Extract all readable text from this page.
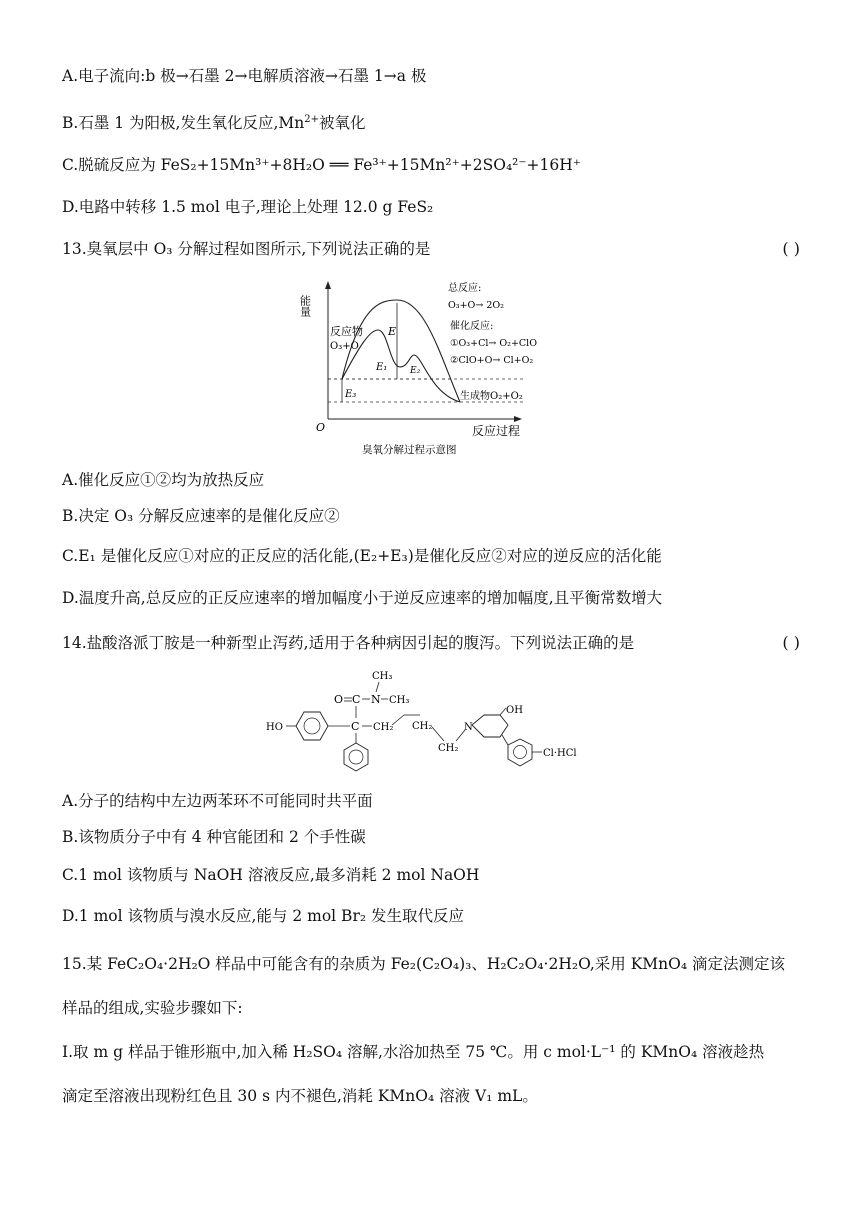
A.电子流向:b 极→石墨 2→电解质溶液→石墨 1→a 极
B.石墨 1 为阳极,发生氧化反应$,Mn^{2+}$被氧化
C.脱硫反应为 FeS₂+15Mn³⁺+8H₂O ══ Fe³⁺+15Mn²⁺+2SO₄²⁻+16H⁺
D.电路中转移 1.5 mol 电子,理论上处理 12.0 g FeS₂
13.臭氧层中 O₃ 分解过程如图所示,下列说法正确的是	( )
能量
反应过程
O
E
E₁	E₂
E₃
反应物
O₃+O
生成物O₂+O₂
总反应:
O₃+O→ 2O₂
催化反应:
①O₃+Cl→ O₂+ClO
②ClO+O→ Cl+O₂
臭氧分解过程示意图
A.催化反应①②均为放热反应
B.决定 O₃ 分解反应速率的是催化反应②
C.E₁ 是催化反应①对应的正反应的活化能,(E₂+E₃)是催化反应②对应的逆反应的活化能
D.温度升高,总反应的正反应速率的增加幅度小于逆反应速率的增加幅度,且平衡常数增大
14.盐酸洛派丁胺是一种新型止泻药,适用于各种病因引起的腹泻。下列说法正确的是	( )
CH₃
O C N CH₃
HO	C CH₂ CH₂
CH₂
N
OH
Cl·HCl
A.分子的结构中左边两苯环不可能同时共平面
B.该物质分子中有 4 种官能团和 2 个手性碳
C.1 mol 该物质与 NaOH 溶液反应,最多消耗 2 mol NaOH
D.1 mol 该物质与溴水反应,能与 2 mol Br₂ 发生取代反应
15.某 FeC₂O₄·2H₂O 样品中可能含有的杂质为 Fe₂(C₂O₄)₃、H₂C₂O₄·2H₂O,采用 KMnO₄ 滴定法测定该
样品的组成,实验步骤如下:
Ⅰ.取 m g 样品于锥形瓶中,加入稀 H₂SO₄ 溶解,水浴加热至 75 ℃。用 c mol·L⁻¹ 的 KMnO₄ 溶液趁热
滴定至溶液出现粉红色且 30 s 内不褪色,消耗 KMnO₄ 溶液 V₁ mL。
